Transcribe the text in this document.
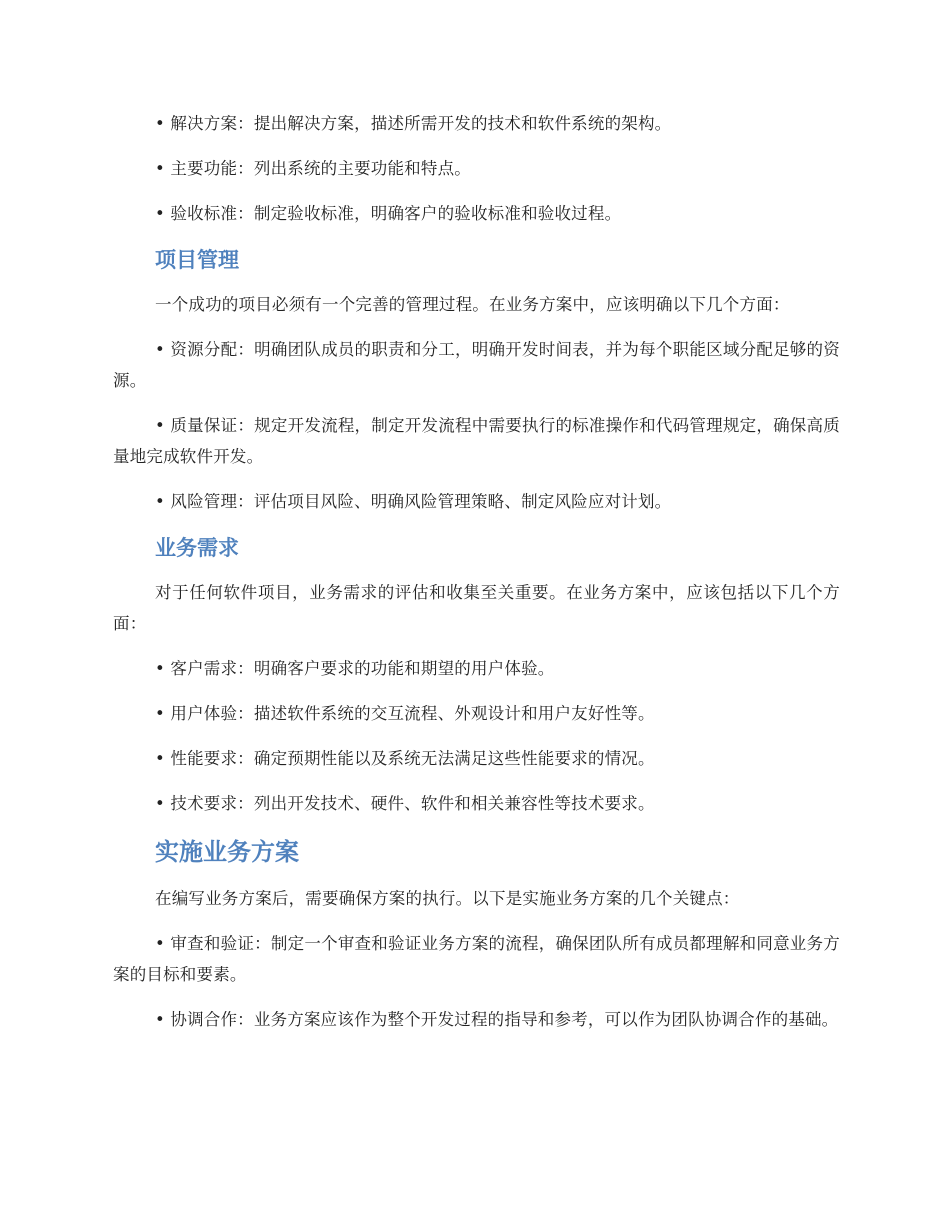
• 解决方案：提出解决方案，描述所需开发的技术和软件系统的架构。

• 主要功能：列出系统的主要功能和特点。

• 验收标准：制定验收标准，明确客户的验收标准和验收过程。

项目管理

一个成功的项目必须有一个完善的管理过程。在业务方案中，应该明确以下几个方面：

• 资源分配：明确团队成员的职责和分工，明确开发时间表，并为每个职能区域分配足够的资源。

• 质量保证：规定开发流程，制定开发流程中需要执行的标准操作和代码管理规定，确保高质量地完成软件开发。

• 风险管理：评估项目风险、明确风险管理策略、制定风险应对计划。

业务需求

对于任何软件项目，业务需求的评估和收集至关重要。在业务方案中，应该包括以下几个方面：

• 客户需求：明确客户要求的功能和期望的用户体验。

• 用户体验：描述软件系统的交互流程、外观设计和用户友好性等。

• 性能要求：确定预期性能以及系统无法满足这些性能要求的情况。

• 技术要求：列出开发技术、硬件、软件和相关兼容性等技术要求。

实施业务方案

在编写业务方案后，需要确保方案的执行。以下是实施业务方案的几个关键点：

• 审查和验证：制定一个审查和验证业务方案的流程，确保团队所有成员都理解和同意业务方案的目标和要素。

• 协调合作：业务方案应该作为整个开发过程的指导和参考，可以作为团队协调合作的基础。
